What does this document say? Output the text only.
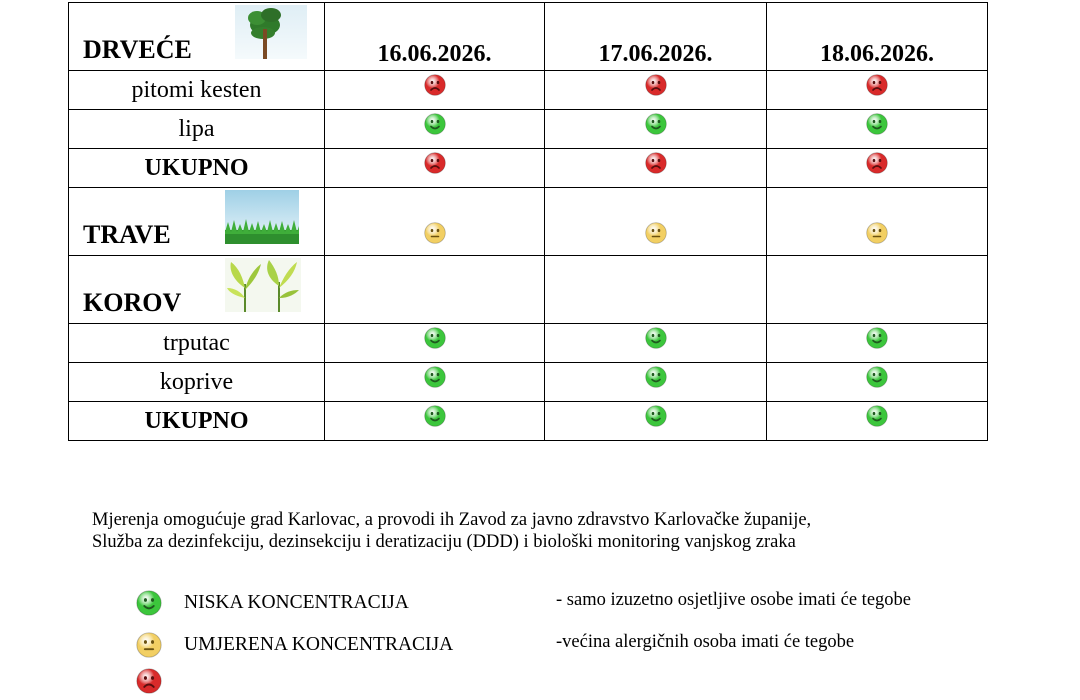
DRVEĆE	16.06.2026.	17.06.2026.	18.06.2026.
pitomi kesten			
lipa			
UKUPNO			

TRAVE

KOROV			

trputac			
koprive			
UKUPNO			
Mjerenja omogućuje grad Karlovac, a provodi ih Zavod za javno zdravstvo Karlovačke županije,
Služba za dezinfekciju, dezinsekciju i deratizaciju (DDD) i biološki monitoring vanjskog zraka
NISKA KONCENTRACIJA	- samo izuzetno osjetljive osobe imati će tegobe
UMJERENA KONCENTRACIJA	-većina alergičnih osoba imati će tegobe
